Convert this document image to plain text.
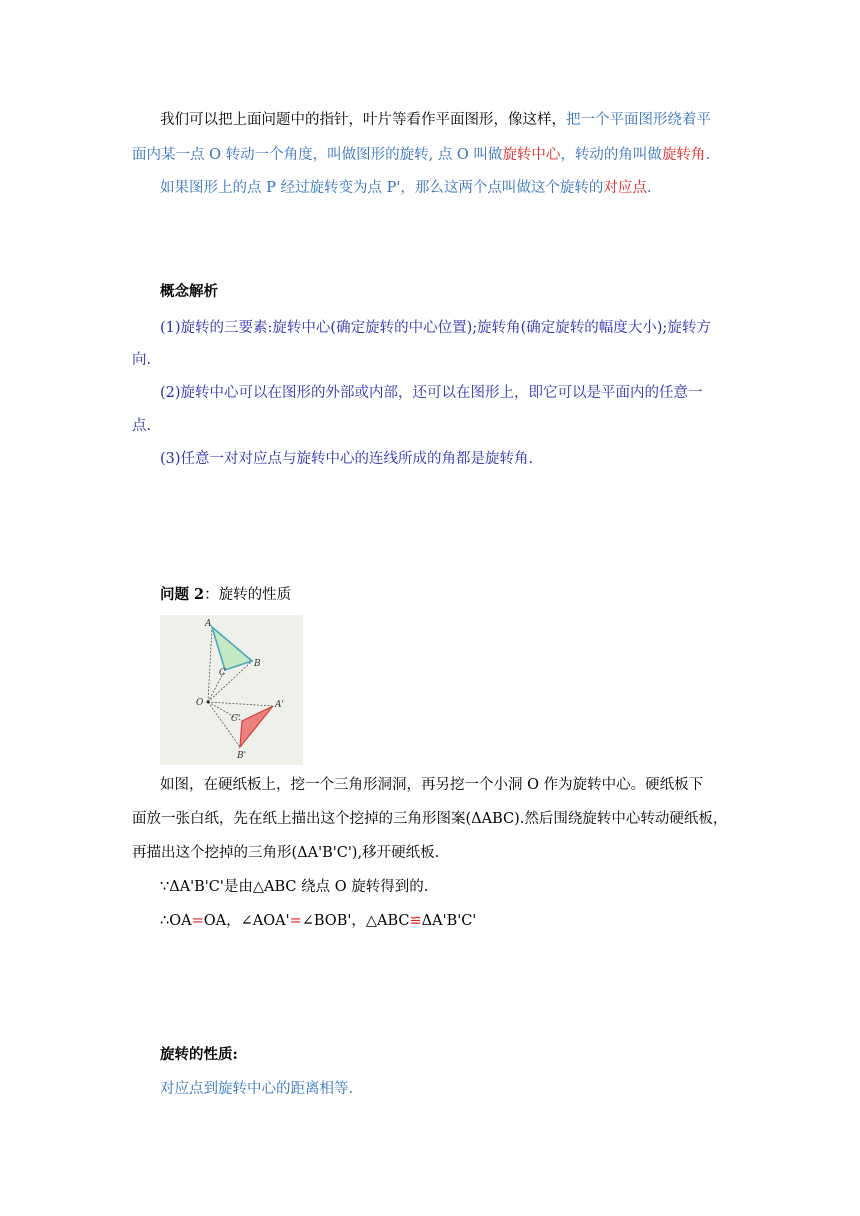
我们可以把上面问题中的指针，叶片等看作平面图形，像这样，把一个平面图形绕着平
面内某一点 O 转动一个角度，叫做图形的旋转, 点 O 叫做旋转中心，转动的角叫做旋转角.
如果图形上的点 P 经过旋转变为点 P'，那么这两个点叫做这个旋转的对应点.
概念解析
(1)旋转的三要素:旋转中心(确定旋转的中心位置);旋转角(确定旋转的幅度大小);旋转方
向.
(2)旋转中心可以在图形的外部或内部，还可以在图形上，即它可以是平面内的任意一
点.
(3)任意一对对应点与旋转中心的连线所成的角都是旋转角.
问题 2：旋转的性质
A
B
C
O	A'
B'
C'
如图，在硬纸板上，挖一个三角形洞洞，再另挖一个小洞 O 作为旋转中心。硬纸板下
面放一张白纸，先在纸上描出这个挖掉的三角形图案(ΔABC).然后围绕旋转中心转动硬纸板，
再描出这个挖掉的三角形(ΔA'B'C'),移开硬纸板.
∵ΔA'B'C'是由△ABC 绕点 O 旋转得到的.
∴OA=OA，∠AOA'=∠BOB'，△ABC≌ΔA'B'C'
旋转的性质:
对应点到旋转中心的距离相等.
